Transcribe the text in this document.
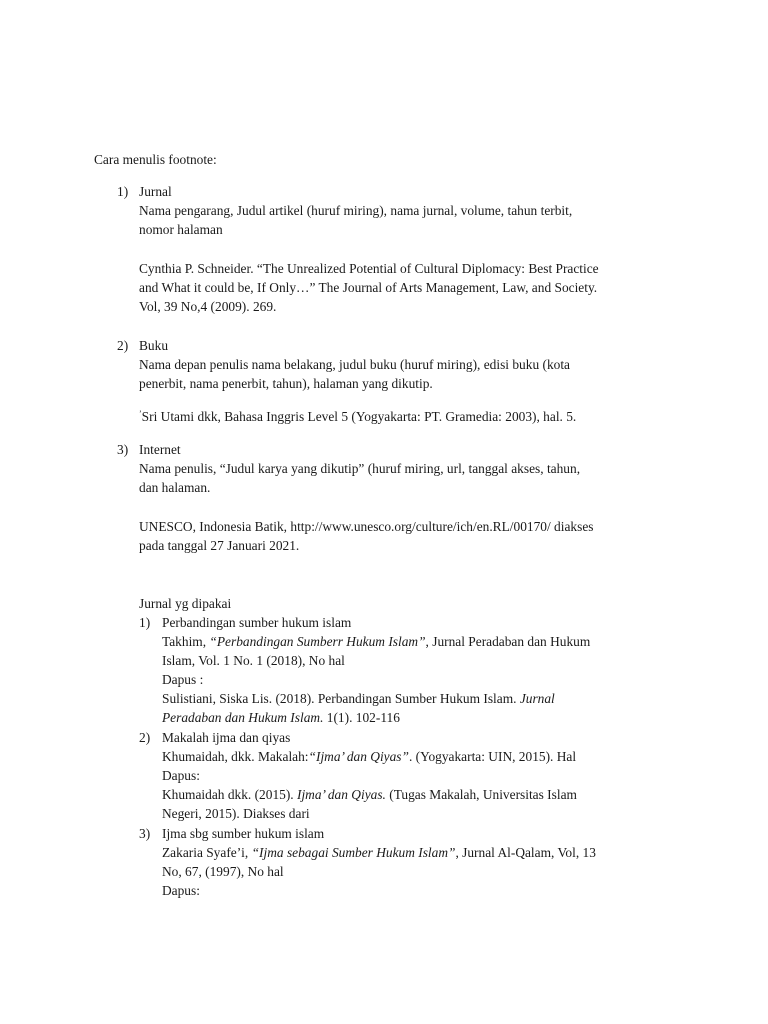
Cara menulis footnote:
1) Jurnal
Nama pengarang, Judul artikel (huruf miring), nama jurnal, volume, tahun terbit,
nomor halaman
Cynthia P. Schneider. “The Unrealized Potential of Cultural Diplomacy: Best Practice
and What it could be, If Only…” The Journal of Arts Management, Law, and Society.
Vol, 39 No,4 (2009). 269.
2) Buku
Nama depan penulis nama belakang, judul buku (huruf miring), edisi buku (kota
penerbit, nama penerbit, tahun), halaman yang dikutip.
’Sri Utami dkk, Bahasa Inggris Level 5 (Yogyakarta: PT. Gramedia: 2003), hal. 5.
3) Internet
Nama penulis, “Judul karya yang dikutip” (huruf miring, url, tanggal akses, tahun,
dan halaman.
UNESCO, Indonesia Batik, http://www.unesco.org/culture/ich/en.RL/00170/ diakses
pada tanggal 27 Januari 2021.
Jurnal yg dipakai
1) Perbandingan sumber hukum islam
Takhim, “Perbandingan Sumberr Hukum Islam”, Jurnal Peradaban dan Hukum
Islam, Vol. 1 No. 1 (2018), No hal
Dapus :
Sulistiani, Siska Lis. (2018). Perbandingan Sumber Hukum Islam. Jurnal
Peradaban dan Hukum Islam. 1(1). 102-116
2) Makalah ijma dan qiyas
Khumaidah, dkk. Makalah:“Ijma’ dan Qiyas”. (Yogyakarta: UIN, 2015). Hal
Dapus:
Khumaidah dkk. (2015). Ijma’ dan Qiyas. (Tugas Makalah, Universitas Islam
Negeri, 2015). Diakses dari
3) Ijma sbg sumber hukum islam
Zakaria Syafe’i, “Ijma sebagai Sumber Hukum Islam”, Jurnal Al-Qalam, Vol, 13
No, 67, (1997), No hal
Dapus:
